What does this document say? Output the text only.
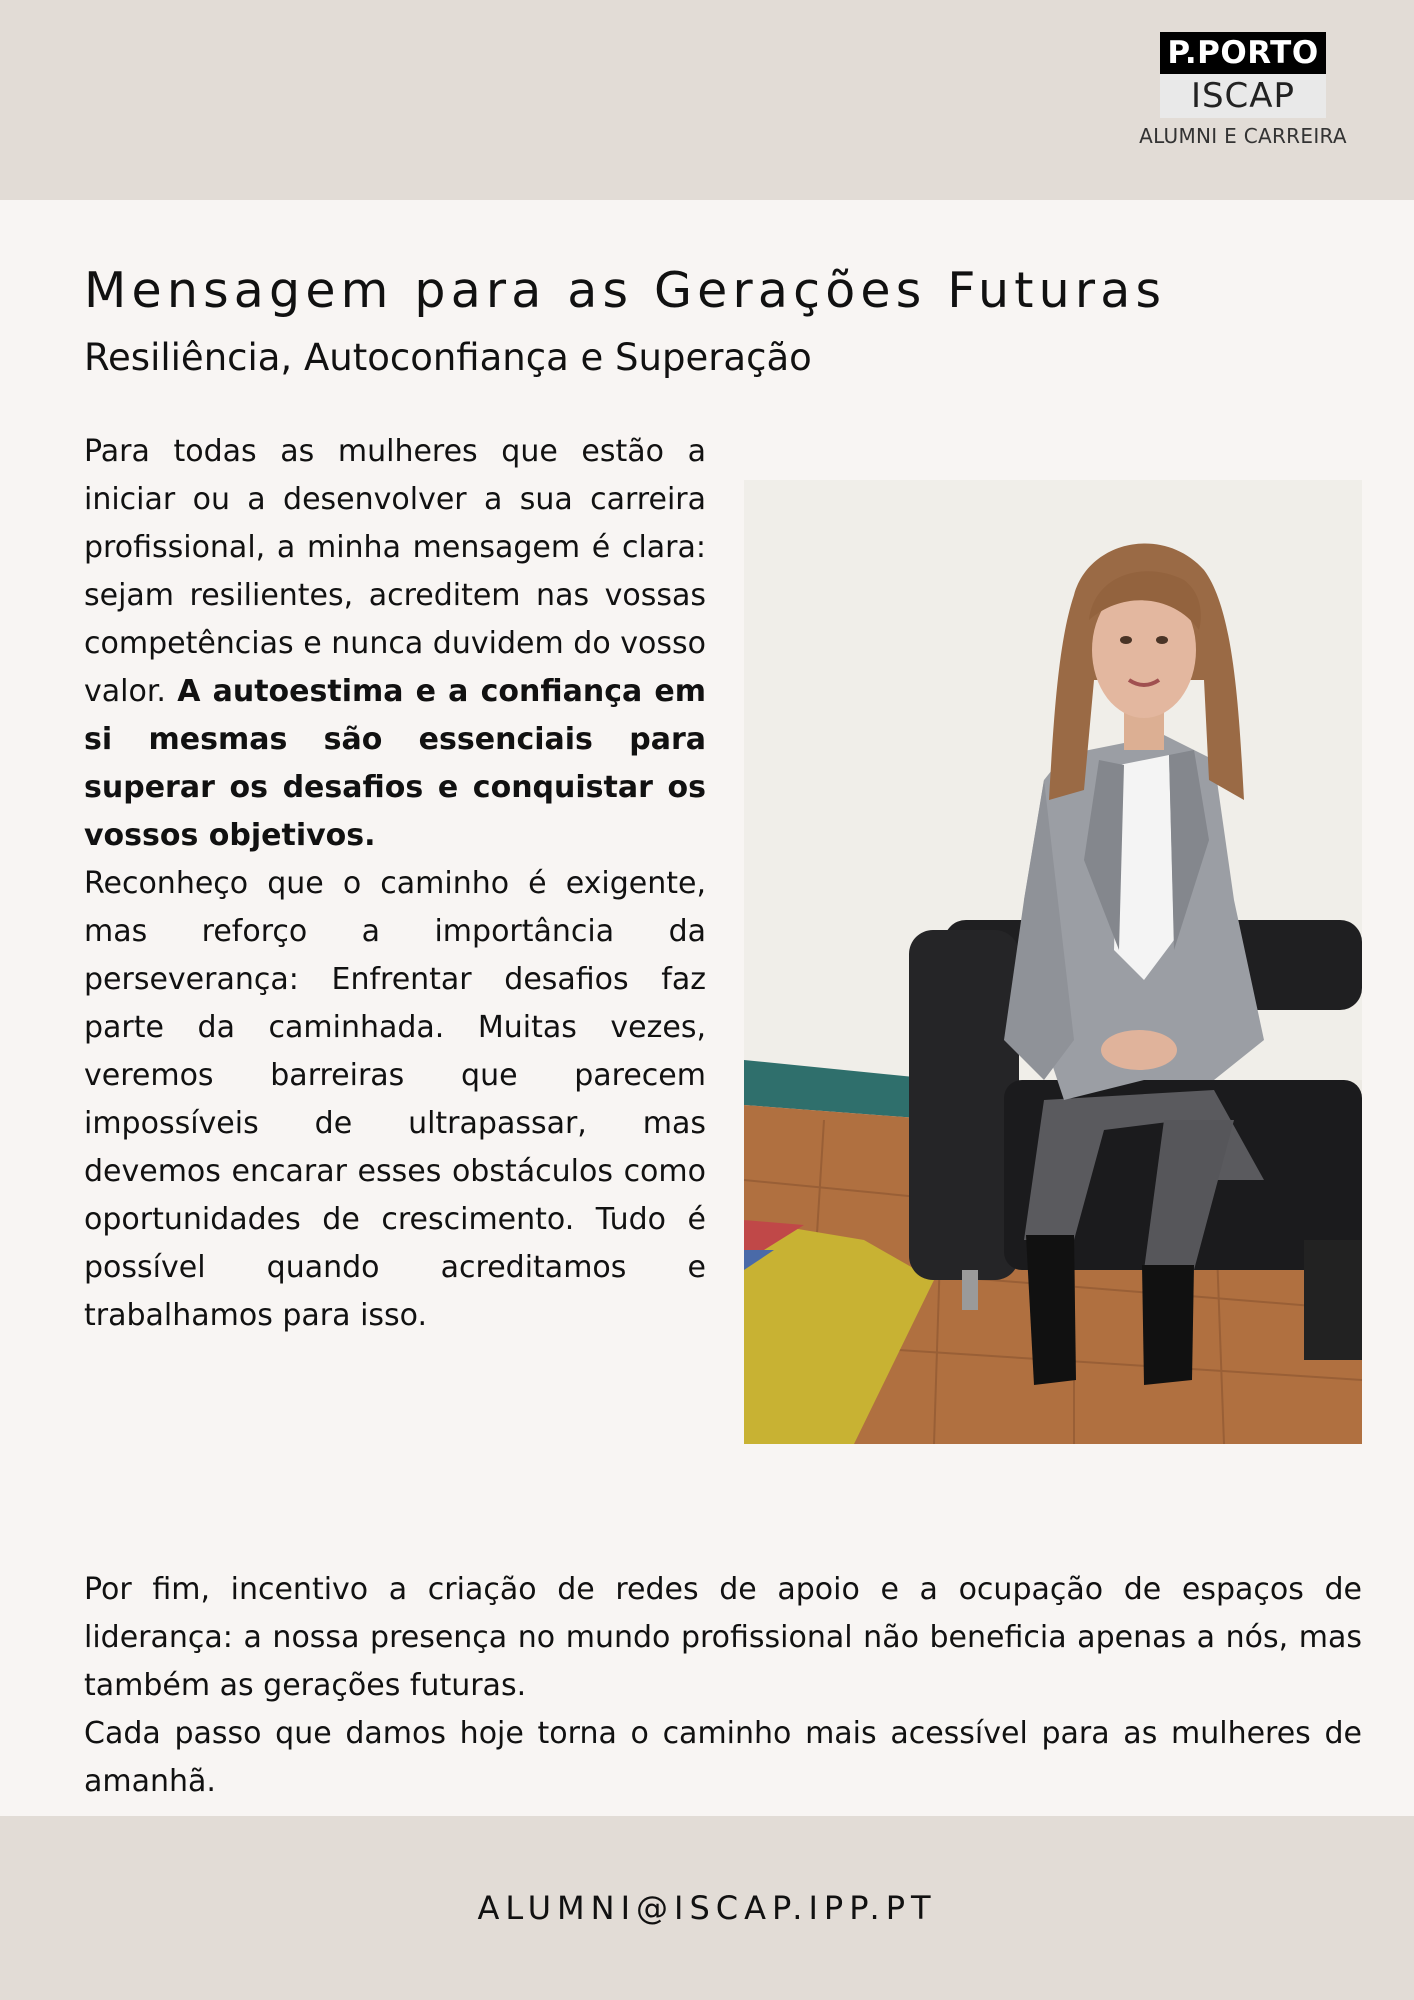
P.PORTO
ISCAP
ALUMNI E CARREIRA
Mensagem para as Gerações Futuras
Resiliência, Autoconfiança e Superação

Para todas as mulheres que estão a iniciar ou a desenvolver a sua carreira profissional, a minha mensagem é clara: sejam resilientes, acreditem nas vossas competências e nunca duvidem do vosso valor. A autoestima e a confiança em si mesmas são essenciais para superar os desafios e conquistar os vossos objetivos.

Reconheço que o caminho é exigente, mas reforço a importância da perseverança: Enfrentar desafios faz parte da caminhada. Muitas vezes, veremos barreiras que parecem impossíveis de ultrapassar, mas devemos encarar esses obstáculos como oportunidades de crescimento. Tudo é possível quando acreditamos e trabalhamos para isso.

Por fim, incentivo a criação de redes de apoio e a ocupação de espaços de liderança: a nossa presença no mundo profissional não beneficia apenas a nós, mas também as gerações futuras.

Cada passo que damos hoje torna o caminho mais acessível para as mulheres de amanhã.

ALUMNI@ISCAP.IPP.PT
